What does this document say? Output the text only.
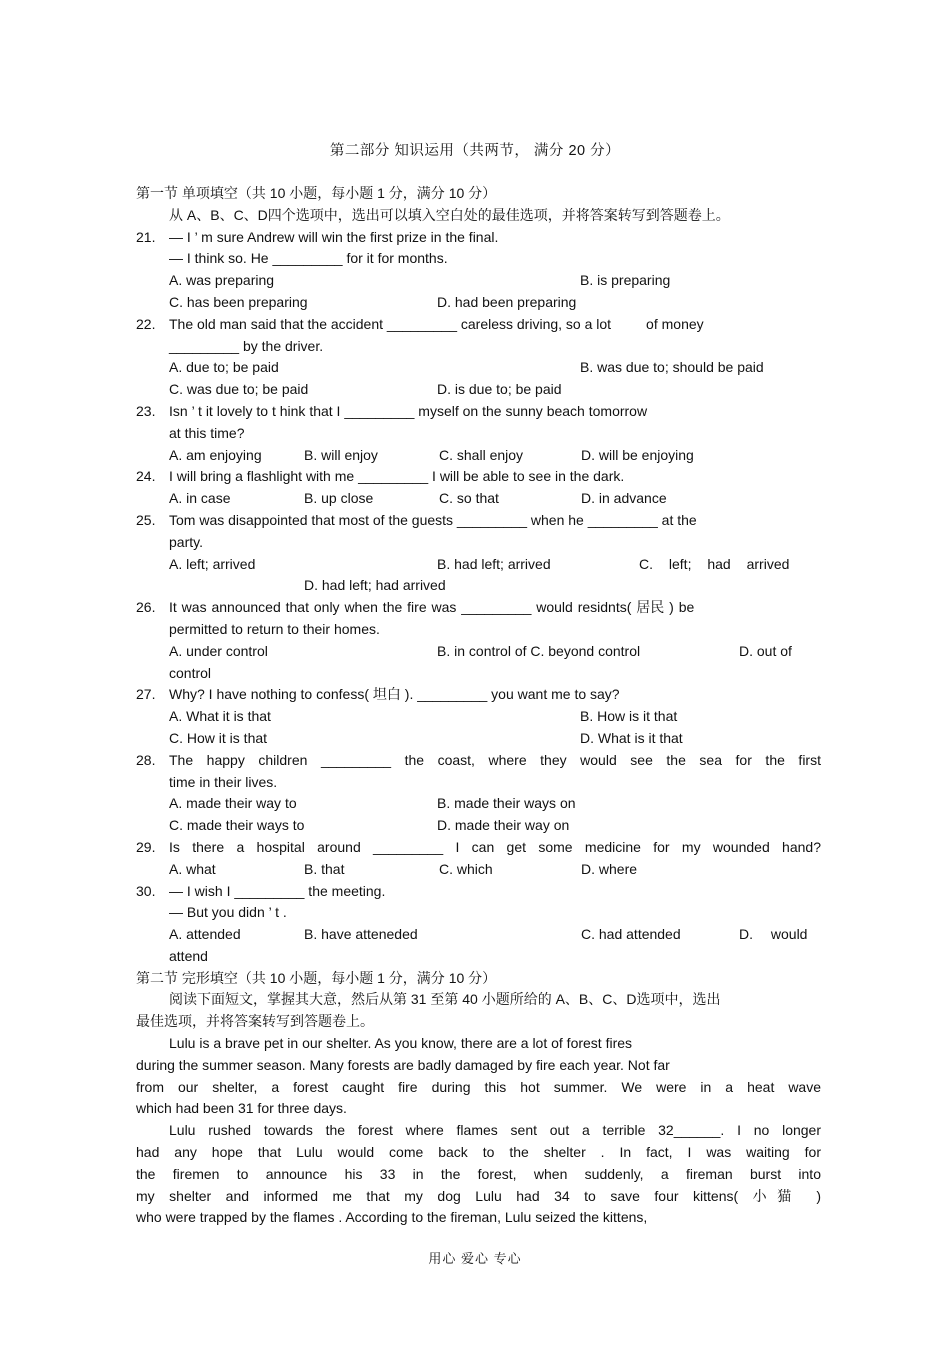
第二部分 知识运用（共两节， 满分 20 分）
第一节 单项填空（共 10 小题，每小题 1 分，满分 10 分）
从 A、B、C、D四个选项中，选出可以填入空白处的最佳选项，并将答案转写到答题卷上。
21. — I ’ m sure Andrew will win the first prize in the final.
— I think so. He _________ for it for months.
A. was preparing	B. is preparing
C. has been preparing	D. had been preparing
22. The old man said that the accident _________ careless driving, so a lot         of money
_________ by the driver.
A. due to; be paid	B. was due to; should be paid
C. was due to; be paid	D. is due to; be paid
23. Isn ’ t it lovely to t hink that I _________ myself on the sunny beach tomorrow
at this time?
A. am enjoying	B. will enjoy	C. shall enjoy	D. will be enjoying
24. I will bring a flashlight with me _________ I will be able to see in the dark.
A. in case	B. up close	C. so that	D. in advance
25. Tom was disappointed that most of the guests _________ when he _________ at the
party.
A. left; arrived	B. had left; arrived	C. left; had arrived
D. had left; had arrived
26. It was announced that only when the fire was _________ would residnts( 居民 ) be
permitted to return to their homes.
A. under control	B. in control of C. beyond control	D. out of
control
27. Why? I have nothing to confess( 坦白 ). _________ you want me to say?
A. What it is that	B. How is it that
C. How it is that	D. What is it that
28. The happy children _________ the coast, where they would see the sea for the first
time in their lives.
A. made their way to	B. made their ways on
C. made their ways to	D. made their way on
29. Is there a hospital around _________ I can get some medicine for my wounded hand?
A. what	B. that	C. which	D. where
30. — I wish I _________ the meeting.
— But you didn ’ t .
A. attended	B. have atteneded	C. had attended	D. would
attend
第二节 完形填空（共 10 小题，每小题 1 分，满分 10 分）
阅读下面短文，掌握其大意，然后从第 31 至第 40 小题所给的 A、B、C、D选项中，选出
最佳选项，并将答案转写到答题卷上。
Lulu is a brave pet in our shelter. As you know, there are a lot of forest fires
during the summer season. Many forests are badly damaged by fire each year. Not far
from our shelter, a forest caught fire during this hot summer. We were in a heat wave
which had been 31 for three days.
Lulu rushed towards the forest where flames sent out a terrible 32______. I no longer
had any hope that Lulu would come back to the shelter . In fact, I was waiting for
the firemen to announce his 33 in the forest, when suddenly, a fireman burst into
my shelter and informed me that my dog Lulu had 34 to save four kittens( 小猫 )
who were trapped by the flames . According to the fireman, Lulu seized the kittens,
用心 爱心 专心
